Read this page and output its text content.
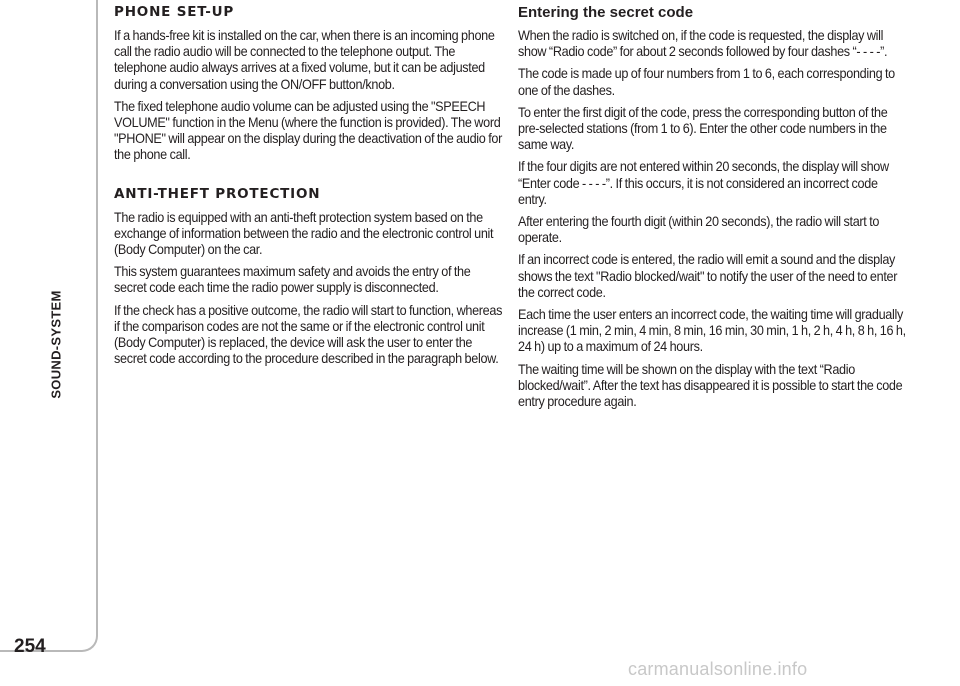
SOUND-SYSTEM
254
PHONE SET-UP

If a hands-free kit is installed on the car, when there is an incoming phone call the radio audio will be connected to the telephone output. The telephone audio always arrives at a fixed volume, but it can be adjusted during a conversation using the ON/OFF button/knob.

The fixed telephone audio volume can be adjusted using the "SPEECH VOLUME" function in the Menu (where the function is provided). The word "PHONE" will appear on the display during the deactivation of the audio for the phone call.

ANTI-THEFT PROTECTION

The radio is equipped with an anti-theft protection system based on the exchange of information between the radio and the electronic control unit (Body Computer) on the car.

This system guarantees maximum safety and avoids the entry of the secret code each time the radio power supply is disconnected.

If the check has a positive outcome, the radio will start to function, whereas if the comparison codes are not the same or if the electronic control unit (Body Computer) is replaced, the device will ask the user to enter the secret code according to the procedure described in the paragraph below.

Entering the secret code

When the radio is switched on, if the code is requested, the display will show “Radio code” for about 2 seconds followed by four dashes “- - - -”.

The code is made up of four numbers from 1 to 6, each corresponding to one of the dashes.

To enter the first digit of the code, press the corresponding button of the pre-selected stations (from 1 to 6). Enter the other code numbers in the same way.

If the four digits are not entered within 20 seconds, the display will show “Enter code - - - -”. If this occurs, it is not considered an incorrect code entry.

After entering the fourth digit (within 20 seconds), the radio will start to operate.

If an incorrect code is entered, the radio will emit a sound and the display shows the text "Radio blocked/wait" to notify the user of the need to enter the correct code.

Each time the user enters an incorrect code, the waiting time will gradually increase (1 min, 2 min, 4 min, 8 min, 16 min, 30 min, 1 h, 2 h, 4 h, 8 h, 16 h, 24 h) up to a maximum of 24 hours.

The waiting time will be shown on the display with the text “Radio blocked/wait”. After the text has disappeared it is possible to start the code entry procedure again.

carmanualsonline.info
